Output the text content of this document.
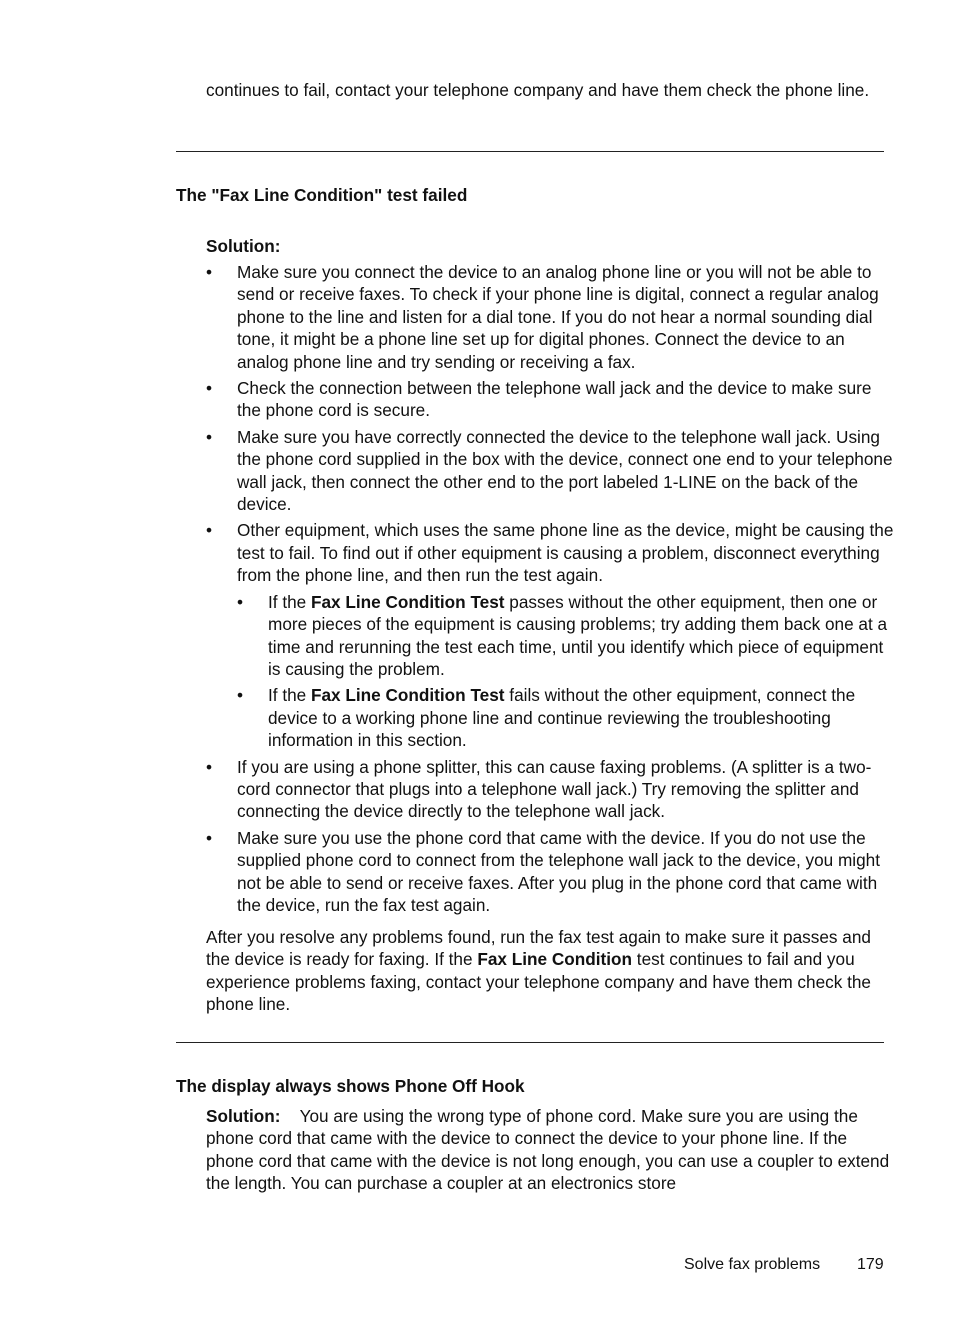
continues to fail, contact your telephone company and have them check the phone line.

The "Fax Line Condition" test failed
Solution:
• Make sure you connect the device to an analog phone line or you will not be able to send or receive faxes. To check if your phone line is digital, connect a regular analog phone to the line and listen for a dial tone. If you do not hear a normal sounding dial tone, it might be a phone line set up for digital phones. Connect the device to an analog phone line and try sending or receiving a fax.
• Check the connection between the telephone wall jack and the device to make sure the phone cord is secure.
• Make sure you have correctly connected the device to the telephone wall jack. Using the phone cord supplied in the box with the device, connect one end to your telephone wall jack, then connect the other end to the port labeled 1-LINE on the back of the device.
• Other equipment, which uses the same phone line as the device, might be causing the test to fail. To find out if other equipment is causing a problem, disconnect everything from the phone line, and then run the test again.
• If the Fax Line Condition Test passes without the other equipment, then one or more pieces of the equipment is causing problems; try adding them back one at a time and rerunning the test each time, until you identify which piece of equipment is causing the problem.
• If the Fax Line Condition Test fails without the other equipment, connect the device to a working phone line and continue reviewing the troubleshooting information in this section.
• If you are using a phone splitter, this can cause faxing problems. (A splitter is a two-cord connector that plugs into a telephone wall jack.) Try removing the splitter and connecting the device directly to the telephone wall jack.
• Make sure you use the phone cord that came with the device. If you do not use the supplied phone cord to connect from the telephone wall jack to the device, you might not be able to send or receive faxes. After you plug in the phone cord that came with the device, run the fax test again.

After you resolve any problems found, run the fax test again to make sure it passes and the device is ready for faxing. If the Fax Line Condition test continues to fail and you experience problems faxing, contact your telephone company and have them check the phone line.

The display always shows Phone Off Hook

Solution: You are using the wrong type of phone cord. Make sure you are using the phone cord that came with the device to connect the device to your phone line. If the phone cord that came with the device is not long enough, you can use a coupler to extend the length. You can purchase a coupler at an electronics store

Solve fax problems 179
